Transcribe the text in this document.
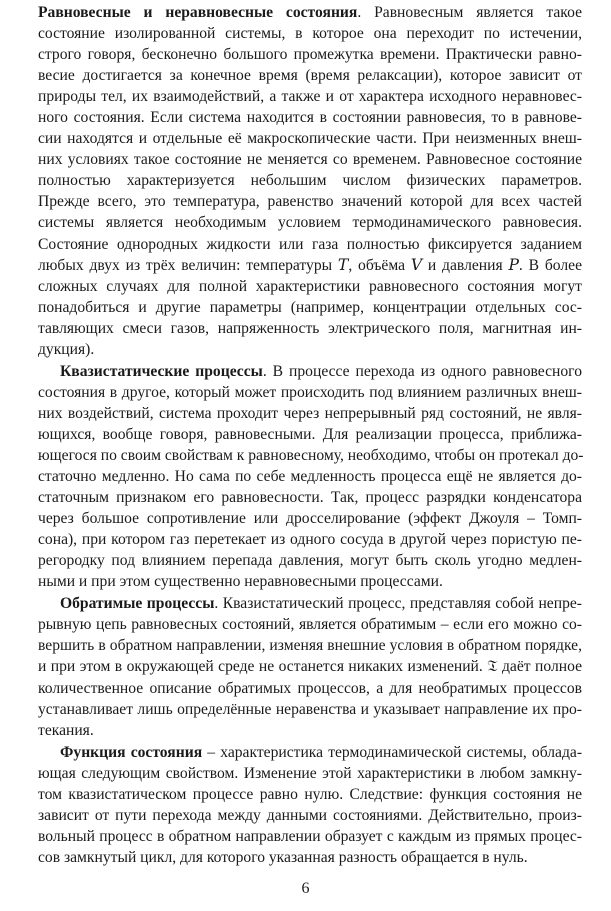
Равновесные и неравновесные состояния. Равновесным является такое
состояние изолированной системы, в которое она переходит по истечении,
строго говоря, бесконечно большого промежутка времени. Практически равно-
весие достигается за конечное время (время релаксации), которое зависит от
природы тел, их взаимодействий, а также и от характера исходного неравновес-
ного состояния. Если система находится в состоянии равновесия, то в равнове-
сии находятся и отдельные её макроскопические части. При неизменных внеш-
них условиях такое состояние не меняется со временем. Равновесное состояние
полностью характеризуется небольшим числом физических параметров.
Прежде всего, это температура, равенство значений которой для всех частей
системы является необходимым условием термодинамического равновесия.
Состояние однородных жидкости или газа полностью фиксируется заданием
любых двух из трёх величин: температуры 𝑇, объёма 𝑉 и давления 𝑃. В более
сложных случаях для полной характеристики равновесного состояния могут
понадобиться и другие параметры (например, концентрации отдельных сос-
тавляющих смеси газов, напряженность электрического поля, магнитная ин-
дукция).
Квазистатические процессы. В процессе перехода из одного равновесного
состояния в другое, который может происходить под влиянием различных внеш-
них воздействий, система проходит через непрерывный ряд состояний, не явля-
ющихся, вообще говоря, равновесными. Для реализации процесса, приближа-
ющегося по своим свойствам к равновесному, необходимо, чтобы он протекал до-
статочно медленно. Но сама по себе медленность процесса ещё не является до-
статочным признаком его равновесности. Так, процесс разрядки конденсатора
через большое сопротивление или дросселирование (эффект Джоуля – Томп-
сона), при котором газ перетекает из одного сосуда в другой через пористую пе-
регородку под влиянием перепада давления, могут быть сколь угодно медлен-
ными и при этом существенно неравновесными процессами.
Обратимые процессы. Квазистатический процесс, представляя собой непре-
рывную цепь равновесных состояний, является обратимым – если его можно со-
вершить в обратном направлении, изменяя внешние условия в обратном порядке,
и при этом в окружающей среде не останется никаких изменений. 𝔗 даёт полное
количественное описание обратимых процессов, а для необратимых процессов
устанавливает лишь определённые неравенства и указывает направление их про-
текания.
Функция состояния – характеристика термодинамической системы, облада-
ющая следующим свойством. Изменение этой характеристики в любом замкну-
том квазистатическом процессе равно нулю. Следствие: функция состояния не
зависит от пути перехода между данными состояниями. Действительно, произ-
вольный процесс в обратном направлении образует с каждым из прямых процес-
сов замкнутый цикл, для которого указанная разность обращается в нуль.
6
